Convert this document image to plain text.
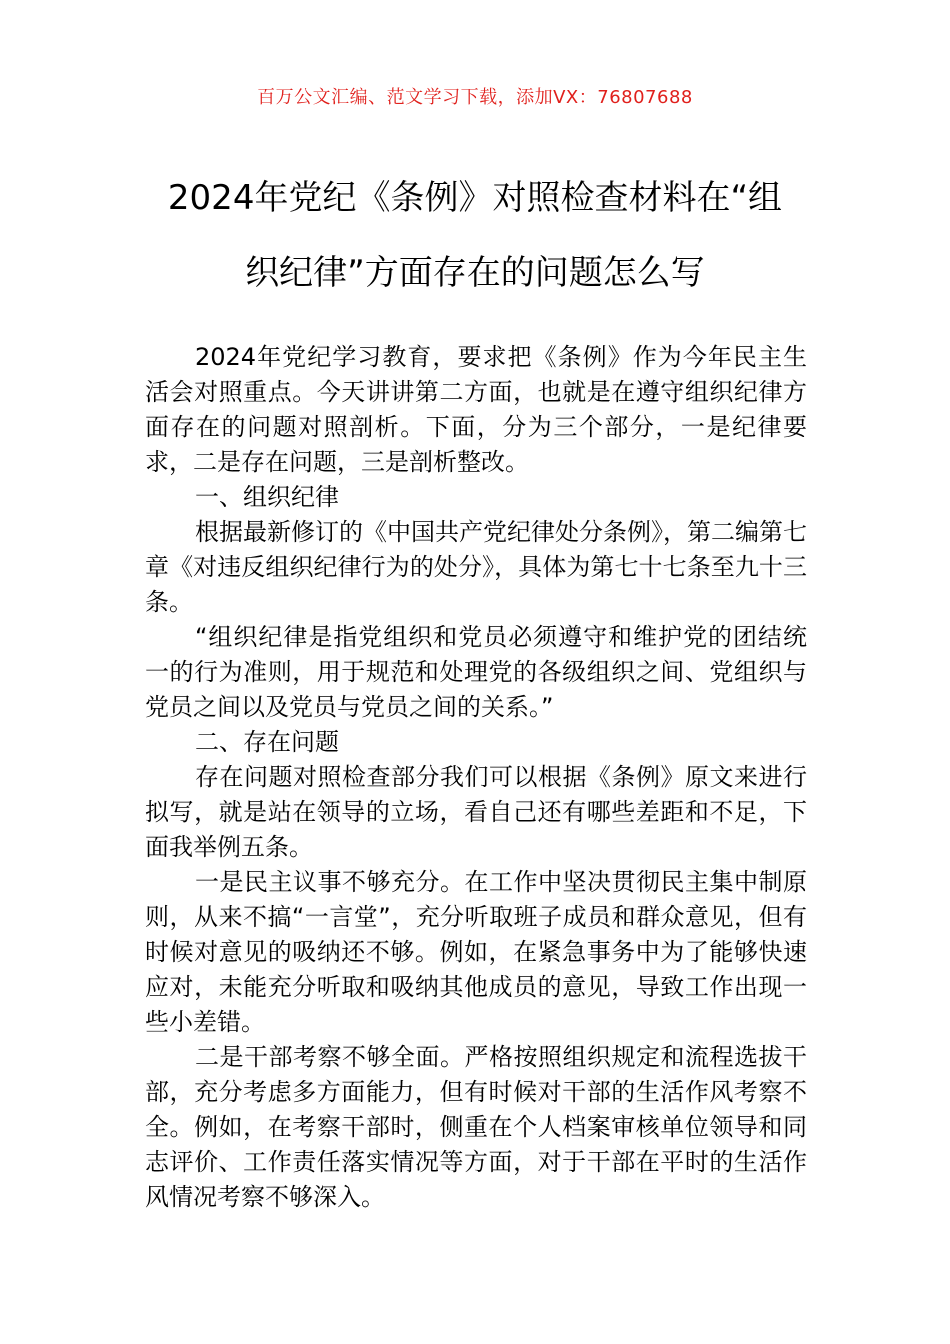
百万公文汇编、范文学习下载，添加VX：76807688
2024年党纪《条例》对照检查材料在“组
织纪律”方面存在的问题怎么写

2024年党纪学习教育，要求把《条例》作为今年民主生活会对照重点。今天讲讲第二方面，也就是在遵守组织纪律方面存在的问题对照剖析。下面，分为三个部分，一是纪律要求，二是存在问题，三是剖析整改。

一、组织纪律

根据最新修订的《中国共产党纪律处分条例》，第二编第七章《对违反组织纪律行为的处分》，具体为第七十七条至九十三条。

“组织纪律是指党组织和党员必须遵守和维护党的团结统一的行为准则，用于规范和处理党的各级组织之间、党组织与党员之间以及党员与党员之间的关系。”

二、存在问题

存在问题对照检查部分我们可以根据《条例》原文来进行拟写，就是站在领导的立场，看自己还有哪些差距和不足，下面我举例五条。

一是民主议事不够充分。在工作中坚决贯彻民主集中制原则，从来不搞“一言堂”，充分听取班子成员和群众意见，但有时候对意见的吸纳还不够。例如，在紧急事务中为了能够快速应对，未能充分听取和吸纳其他成员的意见，导致工作出现一些小差错。

二是干部考察不够全面。严格按照组织规定和流程选拔干部，充分考虑多方面能力，但有时候对干部的生活作风考察不全。例如，在考察干部时，侧重在个人档案审核单位领导和同志评价、工作责任落实情况等方面，对于干部在平时的生活作风情况考察不够深入。
